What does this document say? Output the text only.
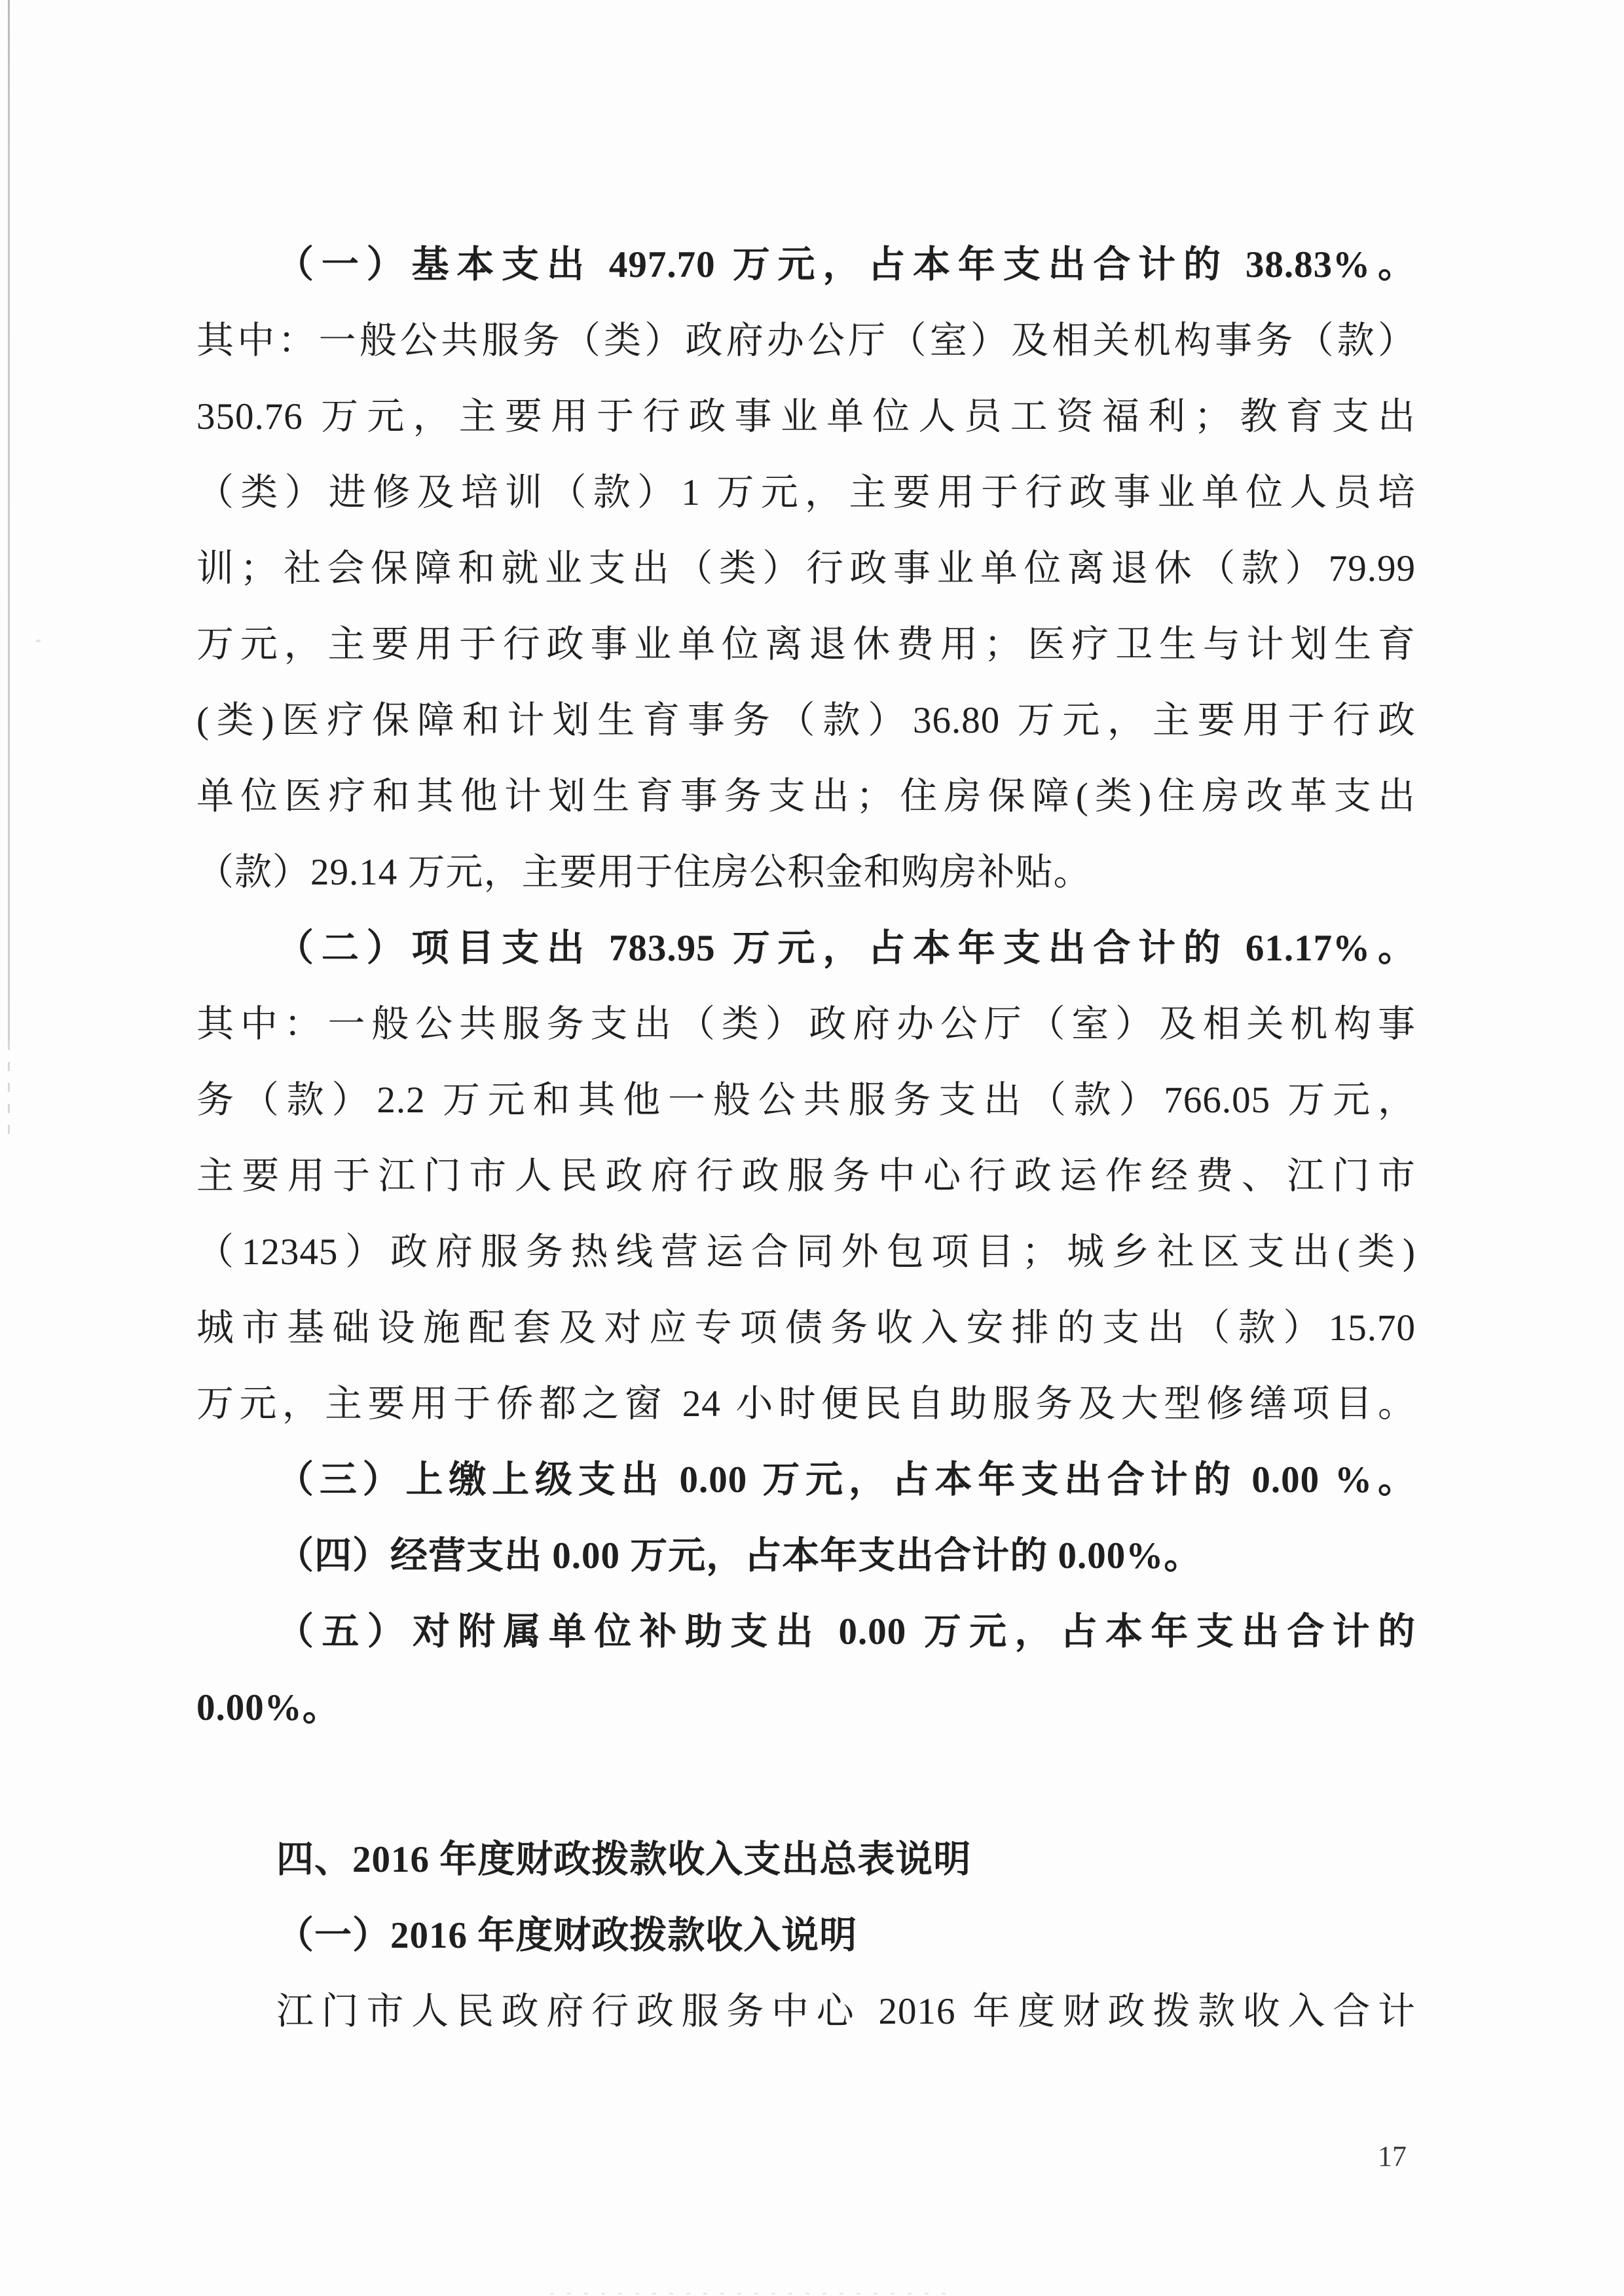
（一）基本支出 497.70 万元，占本年支出合计的 38.83%。
其中：一般公共服务（类）政府办公厅（室）及相关机构事务（款）
350.76 万元，主要用于行政事业单位人员工资福利；教育支出
（类）进修及培训（款）1 万元，主要用于行政事业单位人员培
训；社会保障和就业支出（类）行政事业单位离退休（款）79.99
万元，主要用于行政事业单位离退休费用；医疗卫生与计划生育
(类)医疗保障和计划生育事务（款）36.80 万元，主要用于行政
单位医疗和其他计划生育事务支出；住房保障(类)住房改革支出
（款）29.14 万元，主要用于住房公积金和购房补贴。
（二）项目支出 783.95 万元，占本年支出合计的 61.17%。
其中：一般公共服务支出（类）政府办公厅（室）及相关机构事
务（款）2.2 万元和其他一般公共服务支出（款）766.05 万元，
主要用于江门市人民政府行政服务中心行政运作经费、江门市
（12345）政府服务热线营运合同外包项目；城乡社区支出(类)
城市基础设施配套及对应专项债务收入安排的支出（款）15.70
万元，主要用于侨都之窗 24 小时便民自助服务及大型修缮项目。
（三）上缴上级支出 0.00 万元，占本年支出合计的 0.00 %。
（四）经营支出 0.00 万元，占本年支出合计的 0.00%。
（五）对附属单位补助支出 0.00 万元，占本年支出合计的
0.00%。
四、2016 年度财政拨款收入支出总表说明
（一）2016 年度财政拨款收入说明
江门市人民政府行政服务中心 2016 年度财政拨款收入合计
17
